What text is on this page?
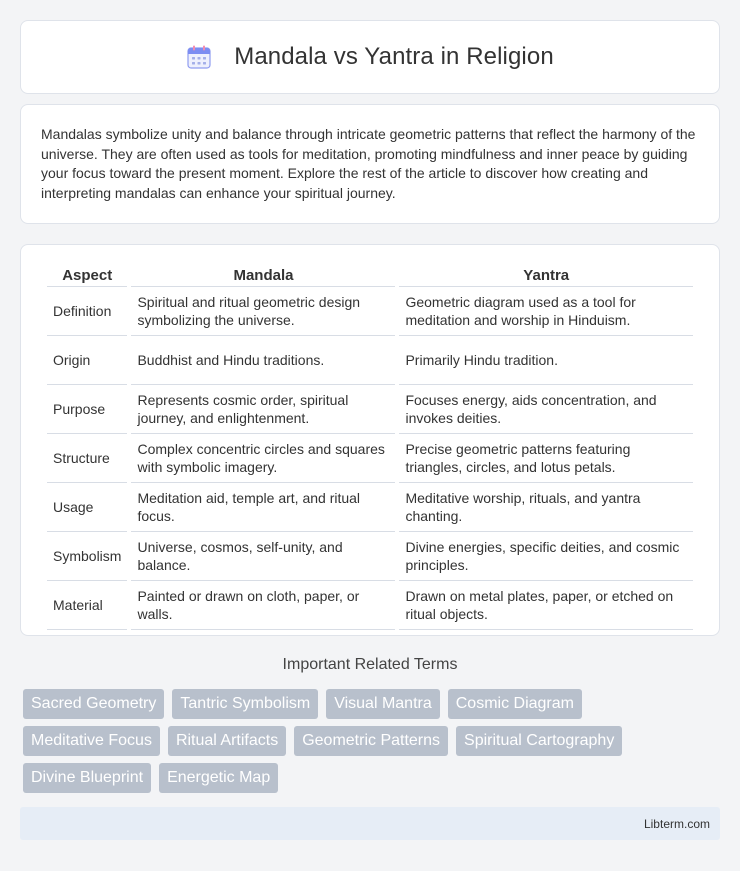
Mandala vs Yantra in Religion

Mandalas symbolize unity and balance through intricate geometric patterns that reflect the harmony of the universe. They are often used as tools for meditation, promoting mindfulness and inner peace by guiding your focus toward the present moment. Explore the rest of the article to discover how creating and interpreting mandalas can enhance your spiritual journey.

Aspect	Mandala	Yantra
Definition	Spiritual and ritual geometric design symbolizing the universe.	Geometric diagram used as a tool for meditation and worship in Hinduism.
Origin	Buddhist and Hindu traditions.	Primarily Hindu tradition.
Purpose	Represents cosmic order, spiritual journey, and enlightenment.	Focuses energy, aids concentration, and invokes deities.
Structure	Complex concentric circles and squares with symbolic imagery.	Precise geometric patterns featuring triangles, circles, and lotus petals.
Usage	Meditation aid, temple art, and ritual focus.	Meditative worship, rituals, and yantra chanting.
Symbolism	Universe, cosmos, self-unity, and balance.	Divine energies, specific deities, and cosmic principles.
Material	Painted or drawn on cloth, paper, or walls.	Drawn on metal plates, paper, or etched on ritual objects.
Important Related Terms
Sacred Geometry	Tantric Symbolism	Visual Mantra	Cosmic Diagram
Meditative Focus	Ritual Artifacts	Geometric Patterns	Spiritual Cartography
Divine Blueprint	Energetic Map
Libterm.com
